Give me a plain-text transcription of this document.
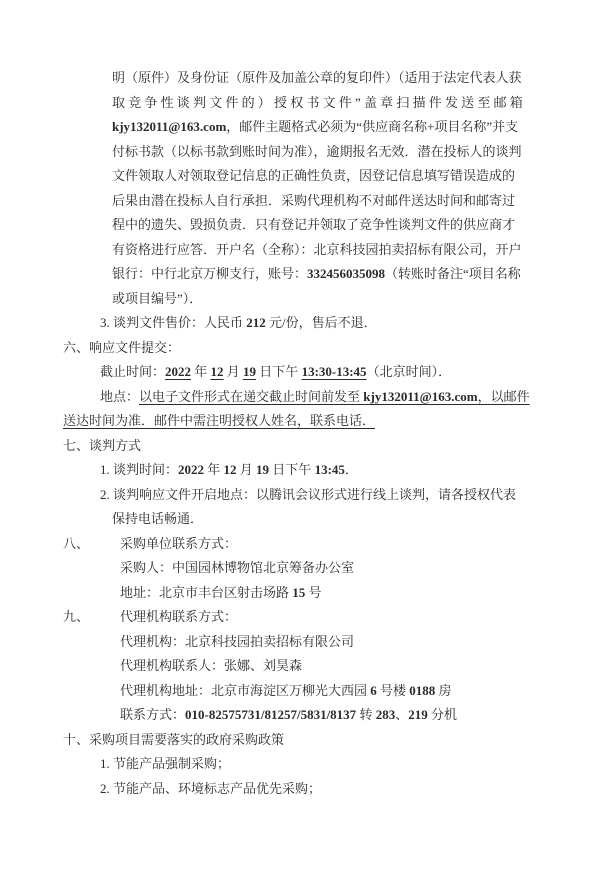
明（原件）及身份证（原件及加盖公章的复印件）（适用于法定代表人获
取竞争性谈判文件的）授权书文件”盖章扫描件发送至邮箱
kjy132011@163.com，邮件主题格式必须为“供应商名称+项目名称”并支
付标书款（以标书款到账时间为准），逾期报名无效．潜在投标人的谈判
文件领取人对领取登记信息的正确性负责，因登记信息填写错误造成的
后果由潜在投标人自行承担．采购代理机构不对邮件送达时间和邮寄过
程中的遗失、毁损负责．只有登记并领取了竞争性谈判文件的供应商才
有资格进行应答．开户名（全称）：北京科技园拍卖招标有限公司，开户
银行：中行北京万柳支行，账号：332456035098（转账时备注“项目名称
或项目编号”）．
3. 谈判文件售价：人民币 212 元/份，售后不退．
六、响应文件提交：
截止时间：2022 年 12 月 19 日下午 13:30-13:45（北京时间）．
地点：以电子文件形式在递交截止时间前发至 kjy132011@163.com，以邮件
送达时间为准．邮件中需注明授权人姓名，联系电话．
七、谈判方式
1. 谈判时间：2022 年 12 月 19 日下午 13:45．
2. 谈判响应文件开启地点：以腾讯会议形式进行线上谈判，请各授权代表
保持电话畅通．
八、 采购单位联系方式：
采购人：中国园林博物馆北京筹备办公室
地址：北京市丰台区射击场路 15 号
九、 代理机构联系方式：
代理机构：北京科技园拍卖招标有限公司
代理机构联系人：张娜、刘昊森
代理机构地址：北京市海淀区万柳光大西园 6 号楼 0188 房
联系方式：010-82575731/81257/5831/8137 转 283、219 分机
十、采购项目需要落实的政府采购政策
1. 节能产品强制采购；
2. 节能产品、环境标志产品优先采购；
